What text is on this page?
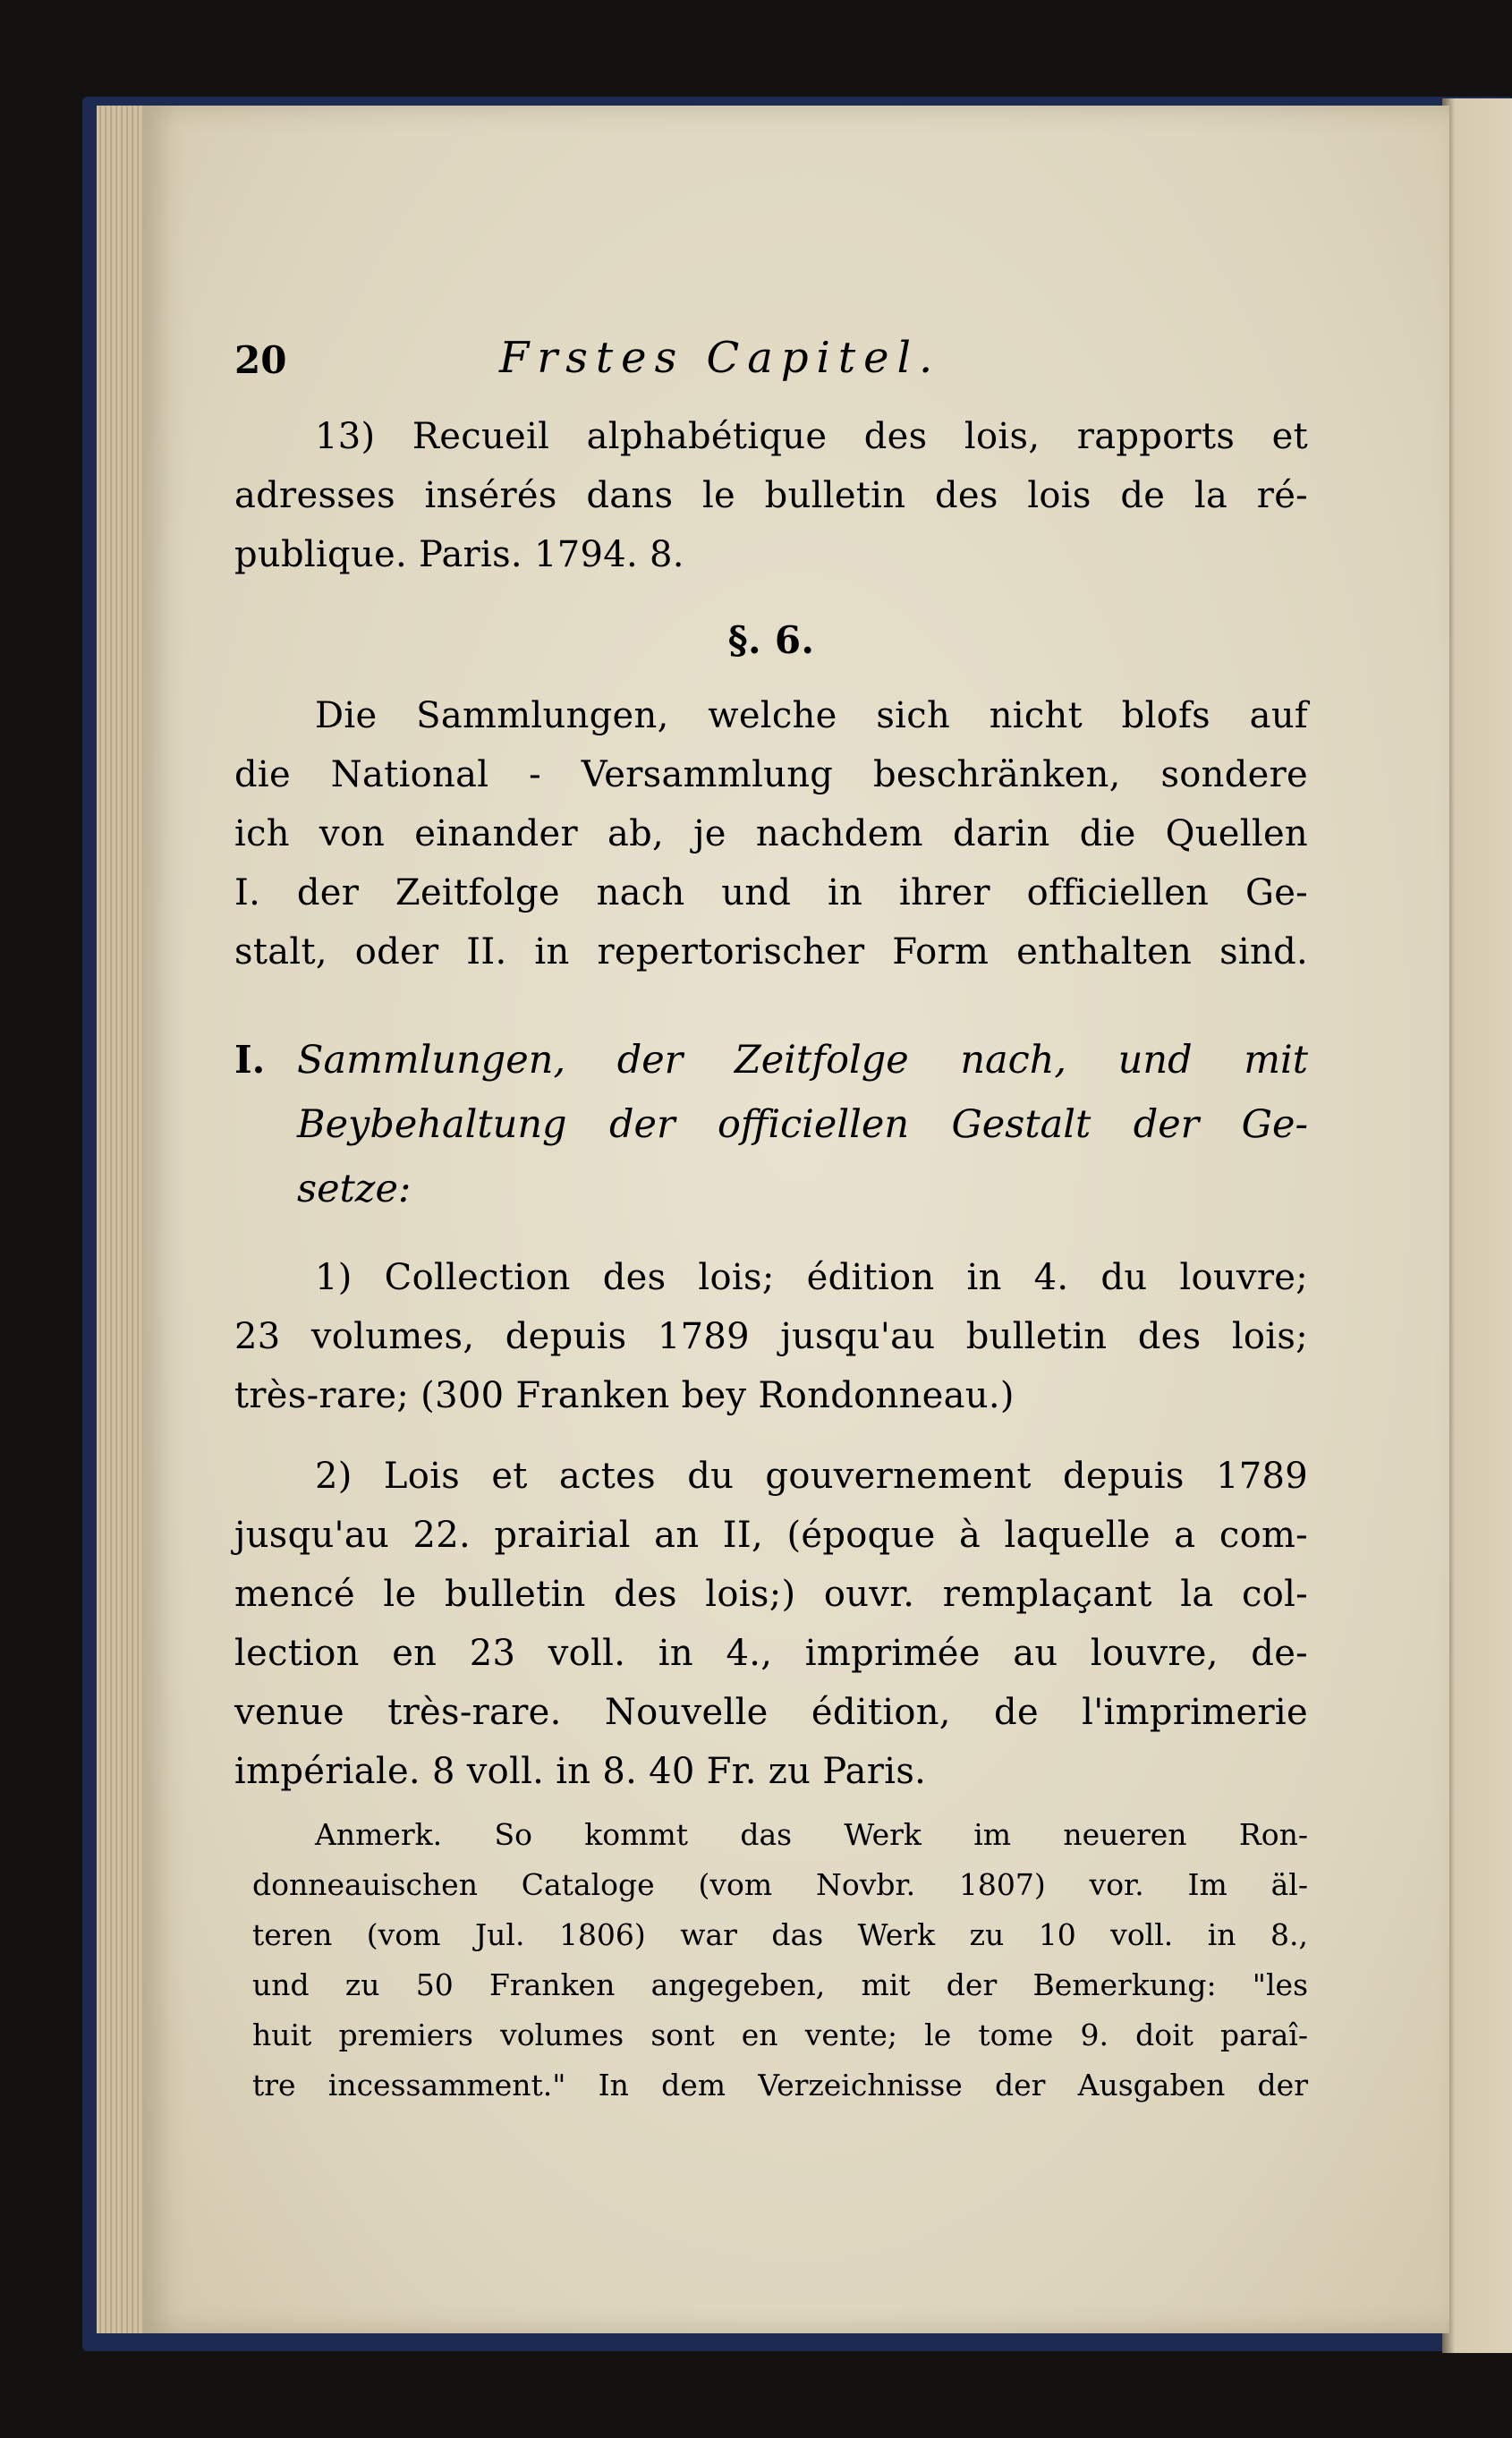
20	Frstes Capitel.
13) Recueil alphabétique des lois, rapports et
adresses insérés dans le bulletin des lois de la ré-
publique. Paris. 1794. 8.
§. 6.
Die Sammlungen, welche sich nicht blofs auf
die National - Versammlung beschränken, sondere
ich von einander ab, je nachdem darin die Quellen
I. der Zeitfolge nach und in ihrer officiellen Ge-
stalt, oder II. in repertorischer Form enthalten sind.
I. Sammlungen, der Zeitfolge nach, und mit
Beybehaltung der officiellen Gestalt der Ge-
setze:
1) Collection des lois; édition in 4. du louvre;
23 volumes, depuis 1789 jusqu'au bulletin des lois;
très-rare; (300 Franken bey Rondonneau.)
2) Lois et actes du gouvernement depuis 1789
jusqu'au 22. prairial an II, (époque à laquelle a com-
mencé le bulletin des lois;) ouvr. remplaçant la col-
lection en 23 voll. in 4., imprimée au louvre, de-
venue très-rare. Nouvelle édition, de l'imprimerie
impériale. 8 voll. in 8. 40 Fr. zu Paris.
Anmerk. So kommt das Werk im neueren Ron-
donneauischen Cataloge (vom Novbr. 1807) vor. Im äl-
teren (vom Jul. 1806) war das Werk zu 10 voll. in 8.,
und zu 50 Franken angegeben, mit der Bemerkung: "les
huit premiers volumes sont en vente; le tome 9. doit paraî-
tre incessamment." In dem Verzeichnisse der Ausgaben der
